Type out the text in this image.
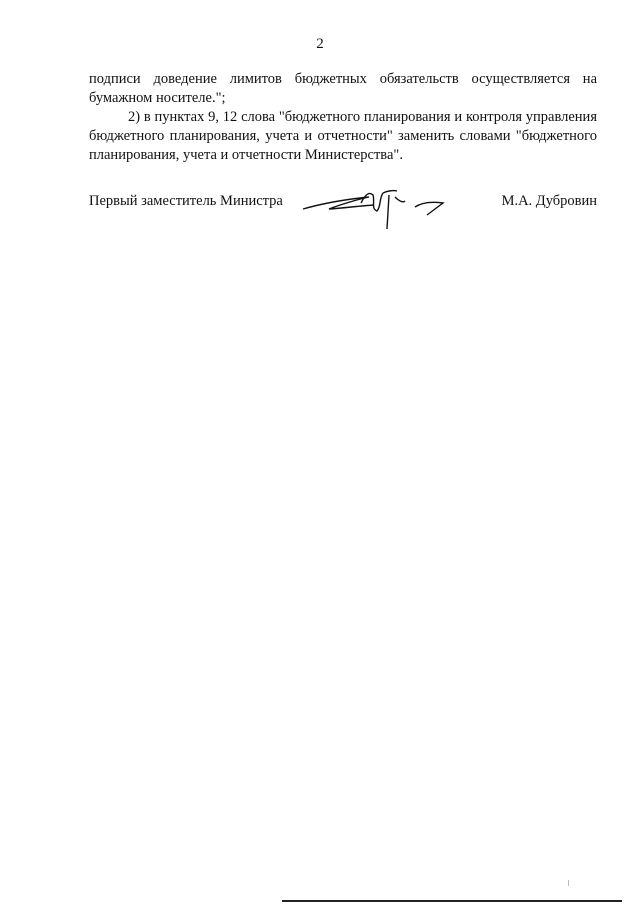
2

подписи доведение лимитов бюджетных обязательств осуществляется на бумажном носителе.";

2) в пунктах 9, 12 слова "бюджетного планирования и контроля управления бюджетного планирования, учета и отчетности" заменить словами "бюджетного планирования, учета и отчетности Министерства".

Первый заместитель Министра	М.А. Дубровин
